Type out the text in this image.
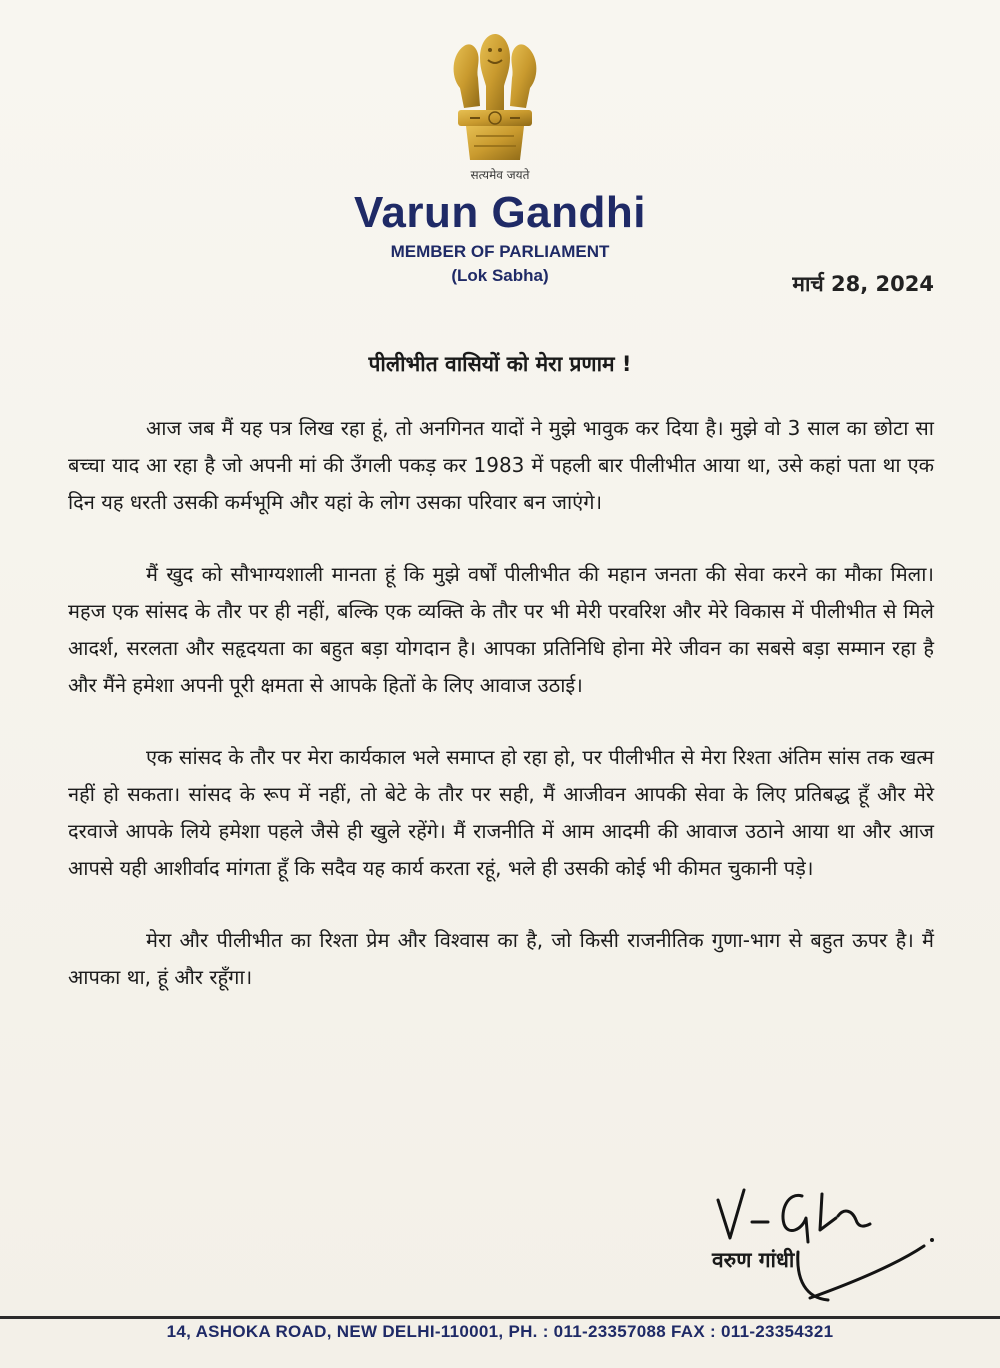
सत्यमेव जयते
Varun Gandhi
MEMBER OF PARLIAMENT
(Lok Sabha)	मार्च 28, 2024
पीलीभीत वासियों को मेरा प्रणाम !

आज जब मैं यह पत्र लिख रहा हूं, तो अनगिनत यादों ने मुझे भावुक कर दिया है। मुझे वो 3 साल का छोटा सा बच्चा याद आ रहा है जो अपनी मां की उँगली पकड़ कर 1983 में पहली बार पीलीभीत आया था, उसे कहां पता था एक दिन यह धरती उसकी कर्मभूमि और यहां के लोग उसका परिवार बन जाएंगे।

मैं खुद को सौभाग्यशाली मानता हूं कि मुझे वर्षों पीलीभीत की महान जनता की सेवा करने का मौका मिला। महज एक सांसद के तौर पर ही नहीं, बल्कि एक व्यक्ति के तौर पर भी मेरी परवरिश और मेरे विकास में पीलीभीत से मिले आदर्श, सरलता और सहृदयता का बहुत बड़ा योगदान है। आपका प्रतिनिधि होना मेरे जीवन का सबसे बड़ा सम्मान रहा है और मैंने हमेशा अपनी पूरी क्षमता से आपके हितों के लिए आवाज उठाई।

एक सांसद के तौर पर मेरा कार्यकाल भले समाप्त हो रहा हो, पर पीलीभीत से मेरा रिश्ता अंतिम सांस तक खत्म नहीं हो सकता। सांसद के रूप में नहीं, तो बेटे के तौर पर सही, मैं आजीवन आपकी सेवा के लिए प्रतिबद्ध हूँ और मेरे दरवाजे आपके लिये हमेशा पहले जैसे ही खुले रहेंगे। मैं राजनीति में आम आदमी की आवाज उठाने आया था और आज आपसे यही आशीर्वाद मांगता हूँ कि सदैव यह कार्य करता रहूं, भले ही उसकी कोई भी कीमत चुकानी पड़े।

मेरा और पीलीभीत का रिश्ता प्रेम और विश्वास का है, जो किसी राजनीतिक गुणा-भाग से बहुत ऊपर है। मैं आपका था, हूं और रहूँगा।

वरुण गांधी
14, ASHOKA ROAD, NEW DELHI-110001, PH. : 011-23357088 FAX : 011-23354321
